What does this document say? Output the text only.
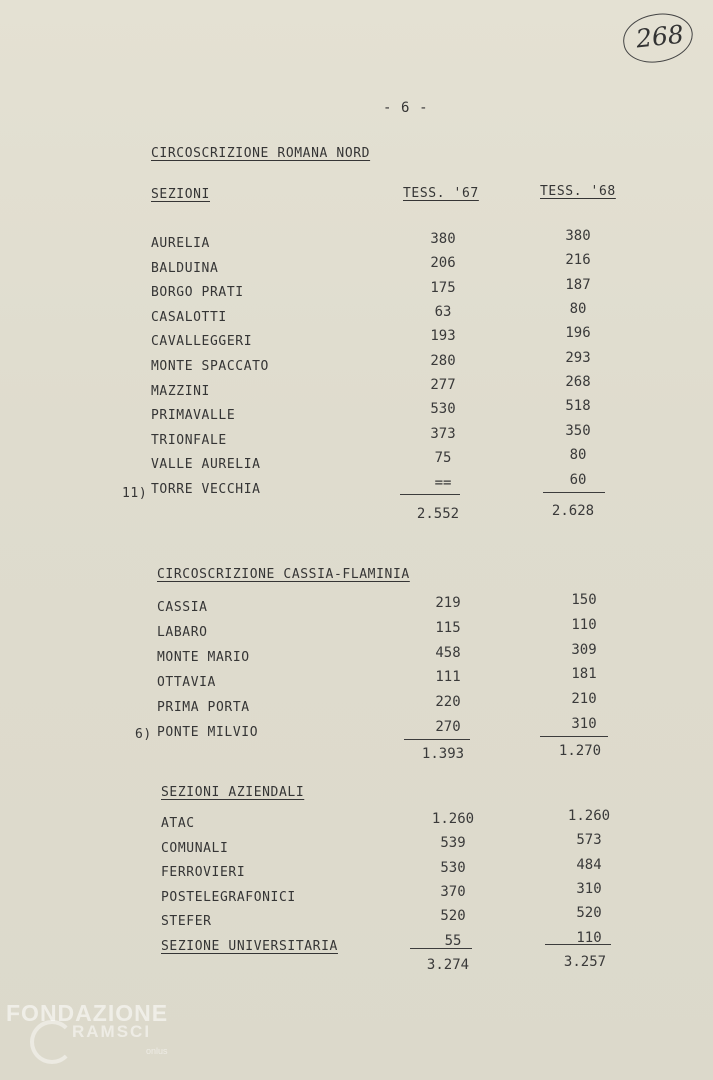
268
- 6 -
CIRCOSCRIZIONE ROMANA NORD
SEZIONI	TESS. '67	TESS. '68
AURELIA	380	380
BALDUINA	206	216
BORGO PRATI	175	187
CASALOTTI	63	80
CAVALLEGGERI	193	196
MONTE SPACCATO	280	293
MAZZINI	277	268
PRIMAVALLE	530	518
TRIONFALE	373	350
VALLE AURELIA	75	80
TORRE VECCHIA	==	60
11)
2.552	2.628
CIRCOSCRIZIONE CASSIA-FLAMINIA
CASSIA	219	150
LABARO	115	110
MONTE MARIO	458	309
OTTAVIA	111	181
PRIMA PORTA	220	210
PONTE MILVIO	270	310
6)
1.393	1.270
SEZIONI AZIENDALI
ATAC	1.260	1.260
COMUNALI	539	573
FERROVIERI	530	484
POSTELEGRAFONICI	370	310
STEFER	520	520
SEZIONE UNIVERSITARIA	55	110
3.274	3.257
FONDAZIONE
RAMSCI
onlus
